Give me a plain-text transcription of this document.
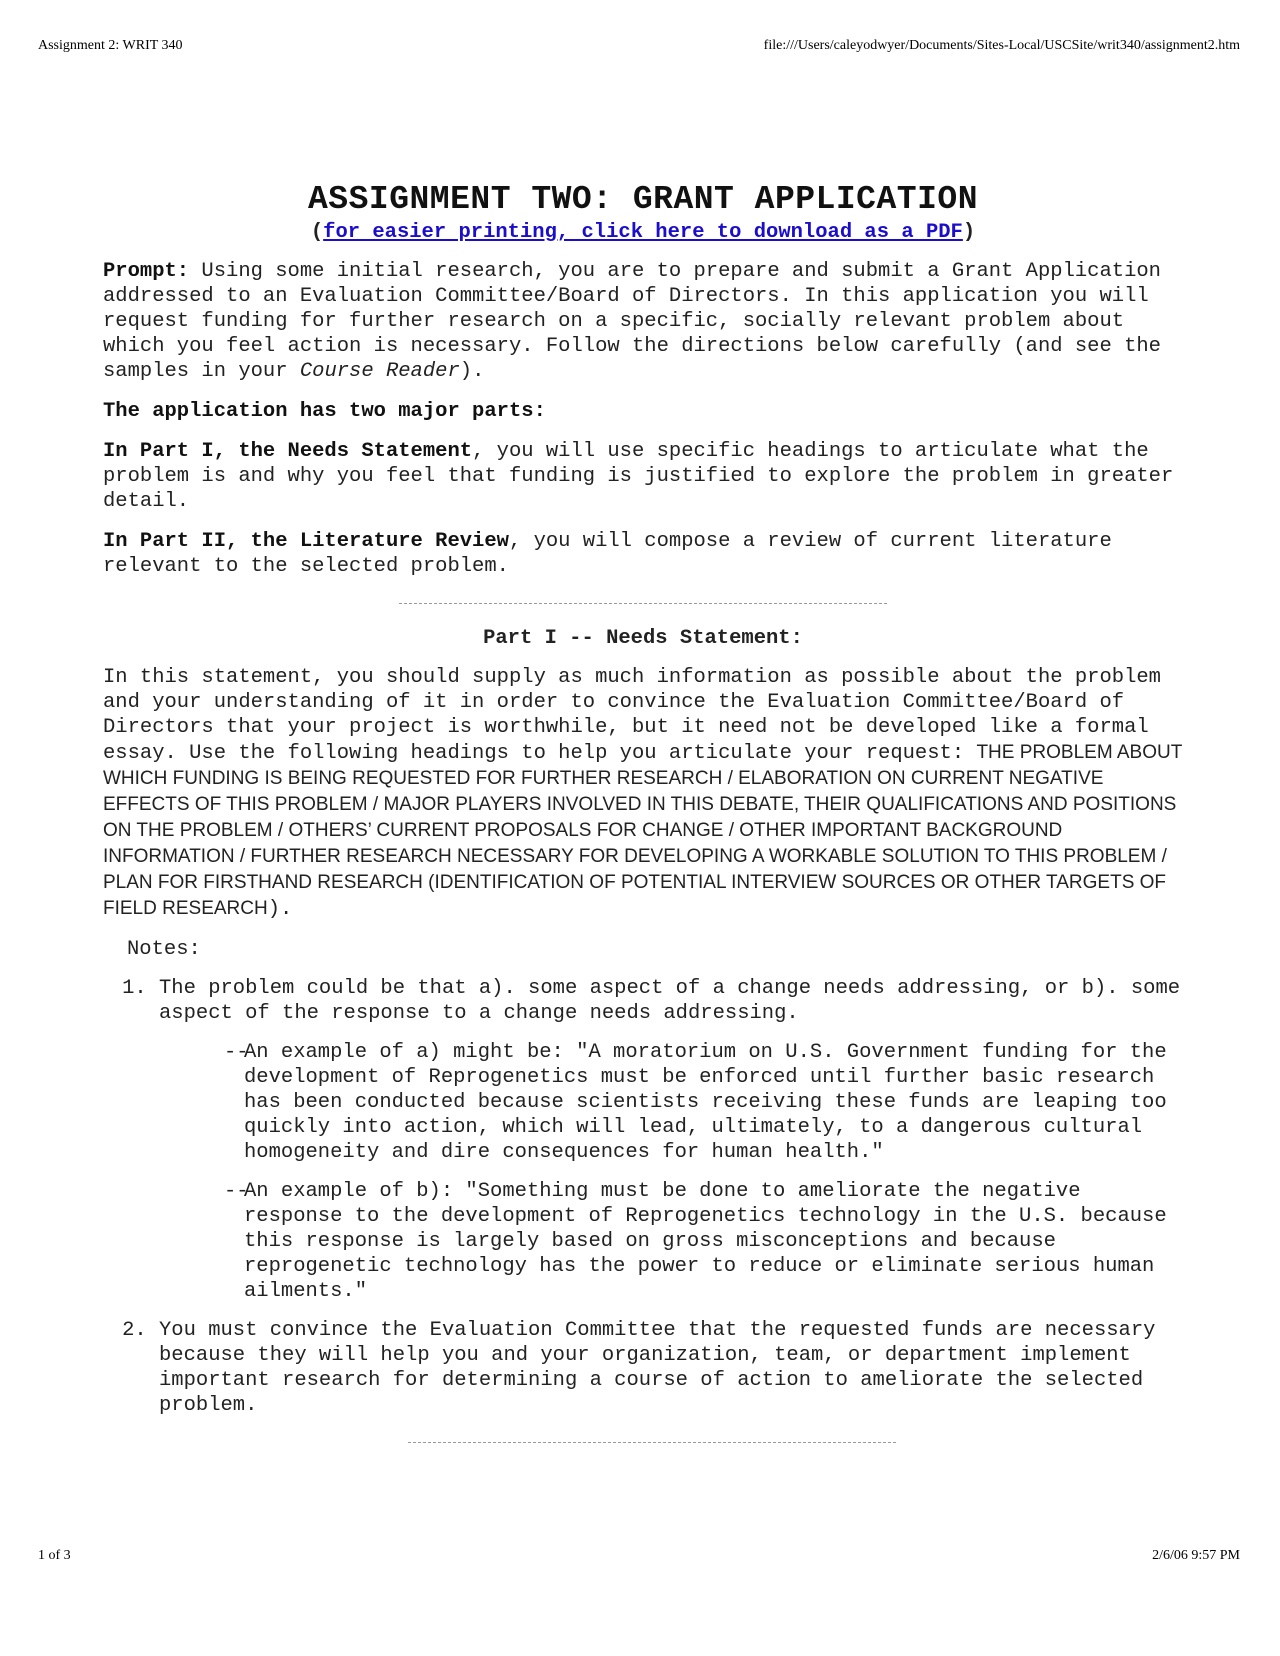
Assignment 2: WRIT 340	file:///Users/caleyodwyer/Documents/Sites-Local/USCSite/writ340/assignment2.htm
ASSIGNMENT TWO: GRANT APPLICATION
(for easier printing, click here to download as a PDF)

Prompt: Using some initial research, you are to prepare and submit a Grant Application addressed to an Evaluation Committee/Board of Directors. In this application you will request funding for further research on a specific, socially relevant problem about which you feel action is necessary. Follow the directions below carefully (and see the samples in your Course Reader).

The application has two major parts:

In Part I, the Needs Statement, you will use specific headings to articulate what the problem is and why you feel that funding is justified to explore the problem in greater detail.

In Part II, the Literature Review, you will compose a review of current literature relevant to the selected problem.

Part I -- Needs Statement:

In this statement, you should supply as much information as possible about the problem and your understanding of it in order to convince the Evaluation Committee/Board of Directors that your project is worthwhile, but it need not be developed like a formal essay. Use the following headings to help you articulate your request: THE PROBLEM ABOUT WHICH FUNDING IS BEING REQUESTED FOR FURTHER RESEARCH / ELABORATION ON CURRENT NEGATIVE EFFECTS OF THIS PROBLEM / MAJOR PLAYERS INVOLVED IN THIS DEBATE, THEIR QUALIFICATIONS AND POSITIONS ON THE PROBLEM / OTHERS’ CURRENT PROPOSALS FOR CHANGE / OTHER IMPORTANT BACKGROUND INFORMATION / FURTHER RESEARCH NECESSARY FOR DEVELOPING A WORKABLE SOLUTION TO THIS PROBLEM / PLAN FOR FIRSTHAND RESEARCH (IDENTIFICATION OF POTENTIAL INTERVIEW SOURCES OR OTHER TARGETS OF FIELD RESEARCH).

Notes:
1. The problem could be that a). some aspect of a change needs addressing, or b). some aspect of the response to a change needs addressing.
--
An example of a) might be: "A moratorium on U.S. Government funding for the development of Reprogenetics must be enforced until further basic research has been conducted because scientists receiving these funds are leaping too quickly into action, which will lead, ultimately, to a dangerous cultural homogeneity and dire consequences for human health."
--
An example of b): "Something must be done to ameliorate the negative response to the development of Reprogenetics technology in the U.S. because this response is largely based on gross misconceptions and because reprogenetic technology has the power to reduce or eliminate serious human ailments."
2. You must convince the Evaluation Committee that the requested funds are necessary because they will help you and your organization, team, or department implement important research for determining a course of action to ameliorate the selected problem.
1 of 3	2/6/06 9:57 PM
